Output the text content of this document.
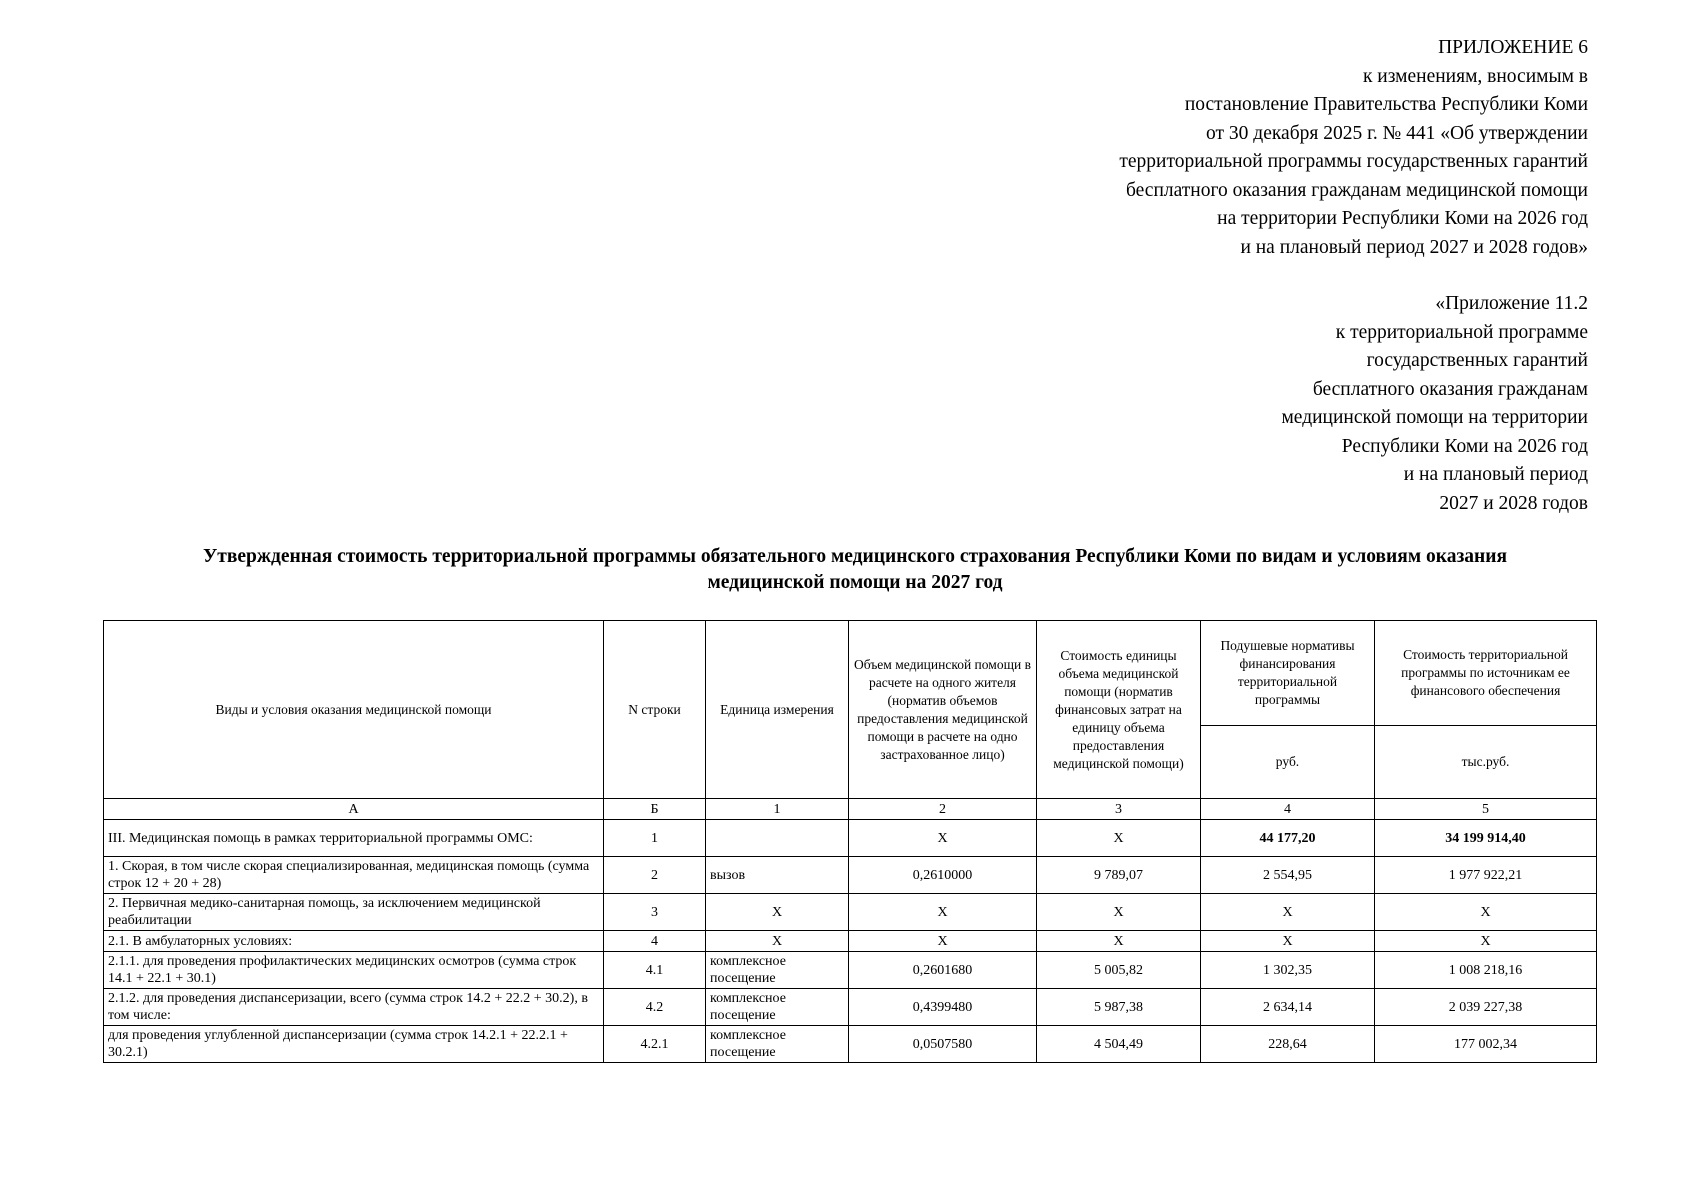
ПРИЛОЖЕНИЕ 6
к изменениям, вносимым в
постановление Правительства Республики Коми
от 30 декабря 2025 г. № 441 «Об утверждении
территориальной программы государственных гарантий
бесплатного оказания гражданам медицинской помощи
на территории Республики Коми на 2026 год
и на плановый период 2027 и 2028 годов»
«Приложение 11.2
к территориальной программе
государственных гарантий
бесплатного оказания гражданам
медицинской помощи на территории
Республики Коми на 2026 год
и на плановый период
2027 и 2028 годов
Утвержденная стоимость территориальной программы обязательного медицинского страхования Республики Коми по видам и условиям оказания
медицинской помощи на 2027 год
Виды и условия оказания медицинской помощи	N строки	Единица измерения	Объем медицинской помощи в расчете на одного жителя (норматив объемов предоставления медицинской помощи в расчете на одно застрахованное лицо)	Стоимость единицы объема медицинской помощи (норматив финансовых затрат на единицу объема предоставления медицинской помощи)	Подушевые нормативы финансирования территориальной программы	Стоимость территориальной программы по источникам ее финансового обеспечения
					руб.	тыс.руб.
А	Б	1	2	3	4	5
III. Медицинская помощь в рамках территориальной программы ОМС:	1		Х	Х	44 177,20	34 199 914,40
1. Скорая, в том числе скорая специализированная, медицинская помощь (сумма строк 12 + 20 + 28)	2	вызов	0,2610000	9 789,07	2 554,95	1 977 922,21
2. Первичная медико-санитарная помощь, за исключением медицинской реабилитации	3	Х	Х	Х	Х	Х
2.1. В амбулаторных условиях:	4	Х	Х	Х	Х	Х
2.1.1. для проведения профилактических медицинских осмотров (сумма строк 14.1 + 22.1 + 30.1)	4.1	комплексное посещение	0,2601680	5 005,82	1 302,35	1 008 218,16
2.1.2. для проведения диспансеризации, всего (сумма строк 14.2 + 22.2 + 30.2), в том числе:	4.2	комплексное посещение	0,4399480	5 987,38	2 634,14	2 039 227,38
для проведения углубленной диспансеризации (сумма строк 14.2.1 + 22.2.1 + 30.2.1)	4.2.1	комплексное посещение	0,0507580	4 504,49	228,64	177 002,34
